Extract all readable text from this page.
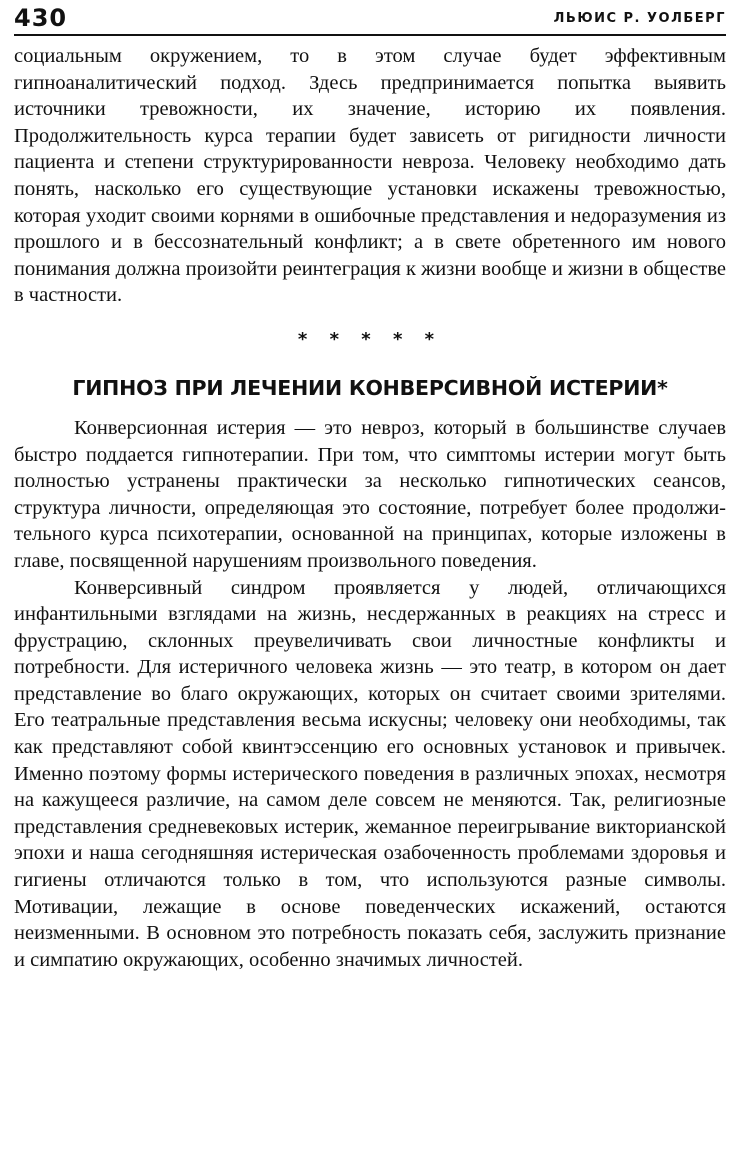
430	ЛЬЮИС Р. УОЛБЕРГ

социальным окружением, то в этом случае будет эффективным гипноаналитический подход. Здесь предпринимается попытка выявить источники тревожности, их значение, историю их появления. Продолжительность курса терапии будет зависеть от ригидности личности пациента и степени структурированности невроза. Человеку необходимо дать понять, насколько его существующие установки искажены тревожностью, которая уходит своими корнями в ошибочные представления и недоразумения из прошлого и в бессознательный конфликт; а в свете обретенного им нового понимания должна произойти реинтеграция к жизни вообще и жизни в обществе в частности.

* * * * *
ГИПНОЗ ПРИ ЛЕЧЕНИИ КОНВЕРСИВНОЙ ИСТЕРИИ*

Конверсионная истерия — это невроз, который в большинстве случаев быстро поддается гипнотерапии. При том, что симптомы истерии могут быть полностью устранены практически за несколько гипнотических сеансов, структура личности, определяющая это состояние, потребует более продолжительного курса психотерапии, основанной на принципах, которые изложены в главе, посвященной нарушениям произвольного поведения.

Конверсивный синдром проявляется у людей, отличающихся инфантильными взглядами на жизнь, несдержанных в реакциях на стресс и фрустрацию, склонных преувеличивать свои личностные конфликты и потребности. Для истеричного человека жизнь — это театр, в котором он дает представление во благо окружающих, которых он считает своими зрителями. Его театральные представления весьма искусны; человеку они необходимы, так как представляют собой квинтэссенцию его основных установок и привычек. Именно поэтому формы истерического поведения в различных эпохах, несмотря на кажущееся различие, на самом деле совсем не меняются. Так, религиозные представления средневековых истерик, жеманное переигрывание викторианской эпохи и наша сегодняшняя истерическая озабоченность проблемами здоровья и гигиены отличаются только в том, что используются разные символы. Мотивации, лежащие в основе поведенческих искажений, остаются неизменными. В основном это потребность показать себя, заслужить признание и симпатию окружающих, особенно значимых личностей.
